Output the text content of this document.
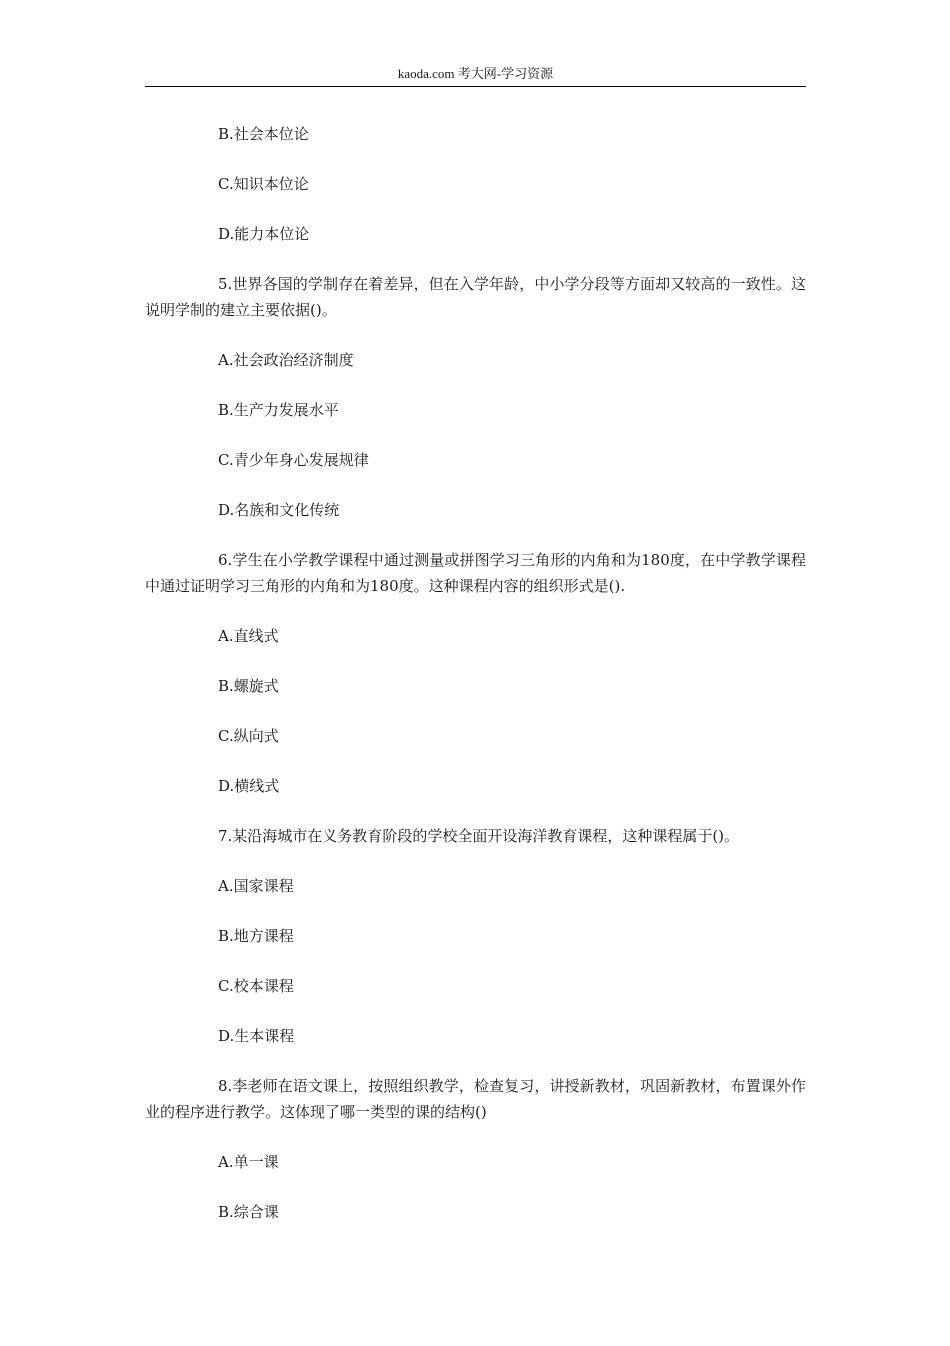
kaoda.com 考大网-学习资源
B.社会本位论
C.知识本位论
D.能力本位论

5.世界各国的学制存在着差异，但在入学年龄，中小学分段等方面却又较高的一致性。这说明学制的建立主要依据()。

A.社会政治经济制度
B.生产力发展水平
C.青少年身心发展规律
D.名族和文化传统

6.学生在小学教学课程中通过测量或拼图学习三角形的内角和为180度，在中学教学课程中通过证明学习三角形的内角和为180度。这种课程内容的组织形式是().

A.直线式
B.螺旋式
C.纵向式
D.横线式
7.某沿海城市在义务教育阶段的学校全面开设海洋教育课程，这种课程属于()。
A.国家课程
B.地方课程
C.校本课程
D.生本课程

8.李老师在语文课上，按照组织教学，检查复习，讲授新教材，巩固新教材，布置课外作业的程序进行教学。这体现了哪一类型的课的结构()

A.单一课
B.综合课
